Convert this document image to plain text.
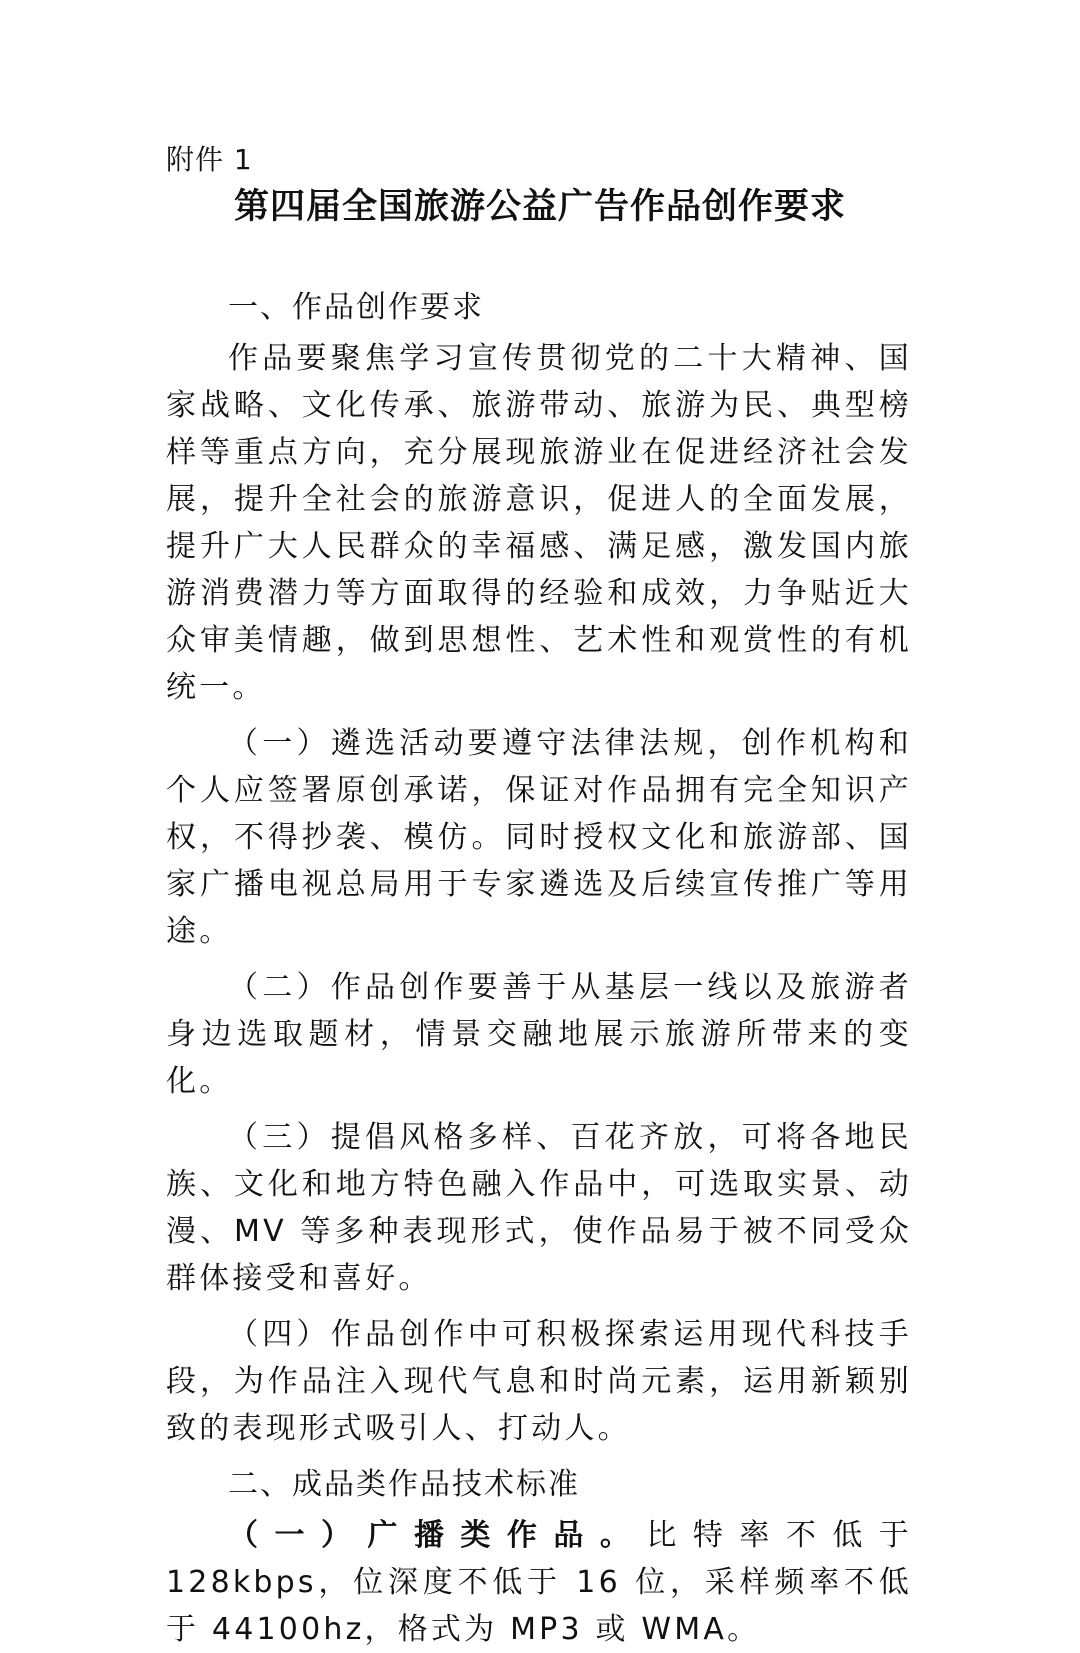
附件 1
第四届全国旅游公益广告作品创作要求

一、作品创作要求

作品要聚焦学习宣传贯彻党的二十大精神、国家战略、文化传承、旅游带动、旅游为民、典型榜样等重点方向，充分展现旅游业在促进经济社会发展，提升全社会的旅游意识，促进人的全面发展，提升广大人民群众的幸福感、满足感，激发国内旅游消费潜力等方面取得的经验和成效，力争贴近大众审美情趣，做到思想性、艺术性和观赏性的有机统一。

（一）遴选活动要遵守法律法规，创作机构和个人应签署原创承诺，保证对作品拥有完全知识产权，不得抄袭、模仿。同时授权文化和旅游部、国家广播电视总局用于专家遴选及后续宣传推广等用途。

（二）作品创作要善于从基层一线以及旅游者身边选取题材，情景交融地展示旅游所带来的变化。

（三）提倡风格多样、百花齐放，可将各地民族、文化和地方特色融入作品中，可选取实景、动漫、MV 等多种表现形式，使作品易于被不同受众群体接受和喜好。

（四）作品创作中可积极探索运用现代科技手段，为作品注入现代气息和时尚元素，运用新颖别致的表现形式吸引人、打动人。

二、成品类作品技术标准

（一）广播类作品。比特率不低于 128kbps，位深度不低于 16 位，采样频率不低于 44100hz，格式为 MP3 或 WMA。
